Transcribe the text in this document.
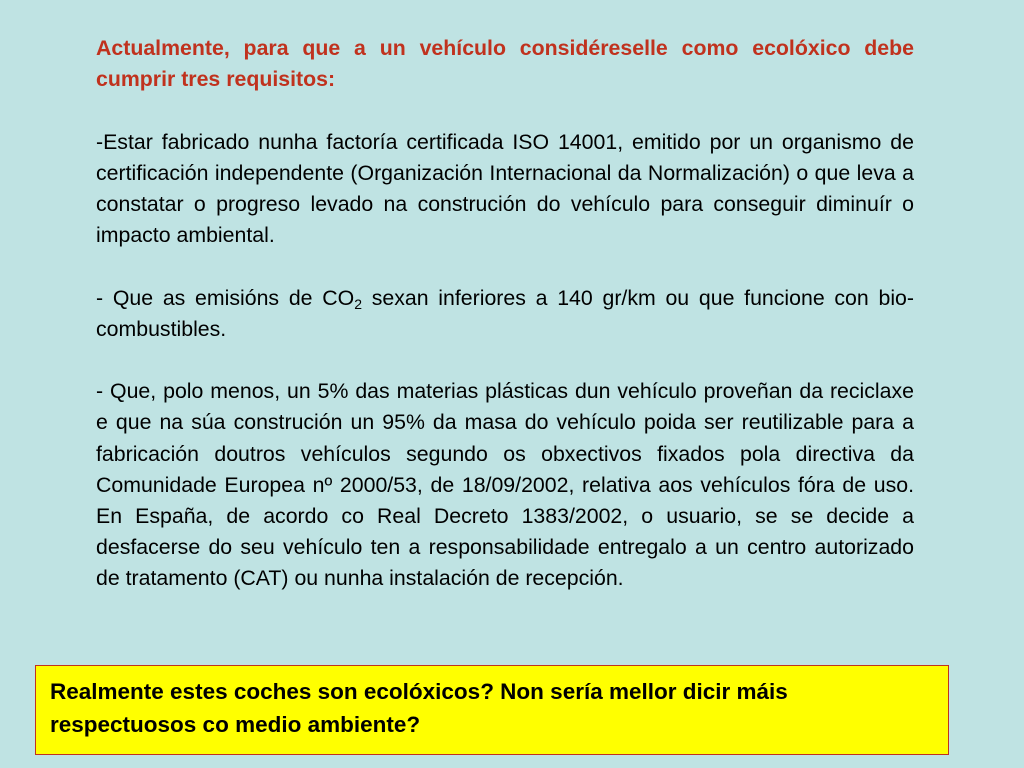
Actualmente, para que a un vehículo considéreselle como ecolóxico debe cumprir tres requisitos:

-Estar fabricado nunha factoría certificada ISO 14001, emitido por un organismo de certificación independente (Organización Internacional da Normalización) o que leva a constatar o progreso levado na construción do vehículo para conseguir diminuír o impacto ambiental.

- Que as emisións de $CO_2$ sexan inferiores a 140 gr/km ou que funcione con bio-combustibles.

- Que, polo menos, un 5% das materias plásticas dun vehículo proveñan da reciclaxe e que na súa construción un 95% da masa do vehículo poida ser reutilizable para a fabricación doutros vehículos segundo os obxectivos fixados pola directiva da Comunidade Europea nº 2000/53, de 18/09/2002, relativa aos vehículos fóra de uso. En España, de acordo co Real Decreto 1383/2002, o usuario, se se decide a desfacerse do seu vehículo ten a responsabilidade entregalo a un centro autorizado de tratamento (CAT) ou nunha instalación de recepción.

Realmente estes coches son ecolóxicos? Non sería mellor dicir máis respectuosos co medio ambiente?
